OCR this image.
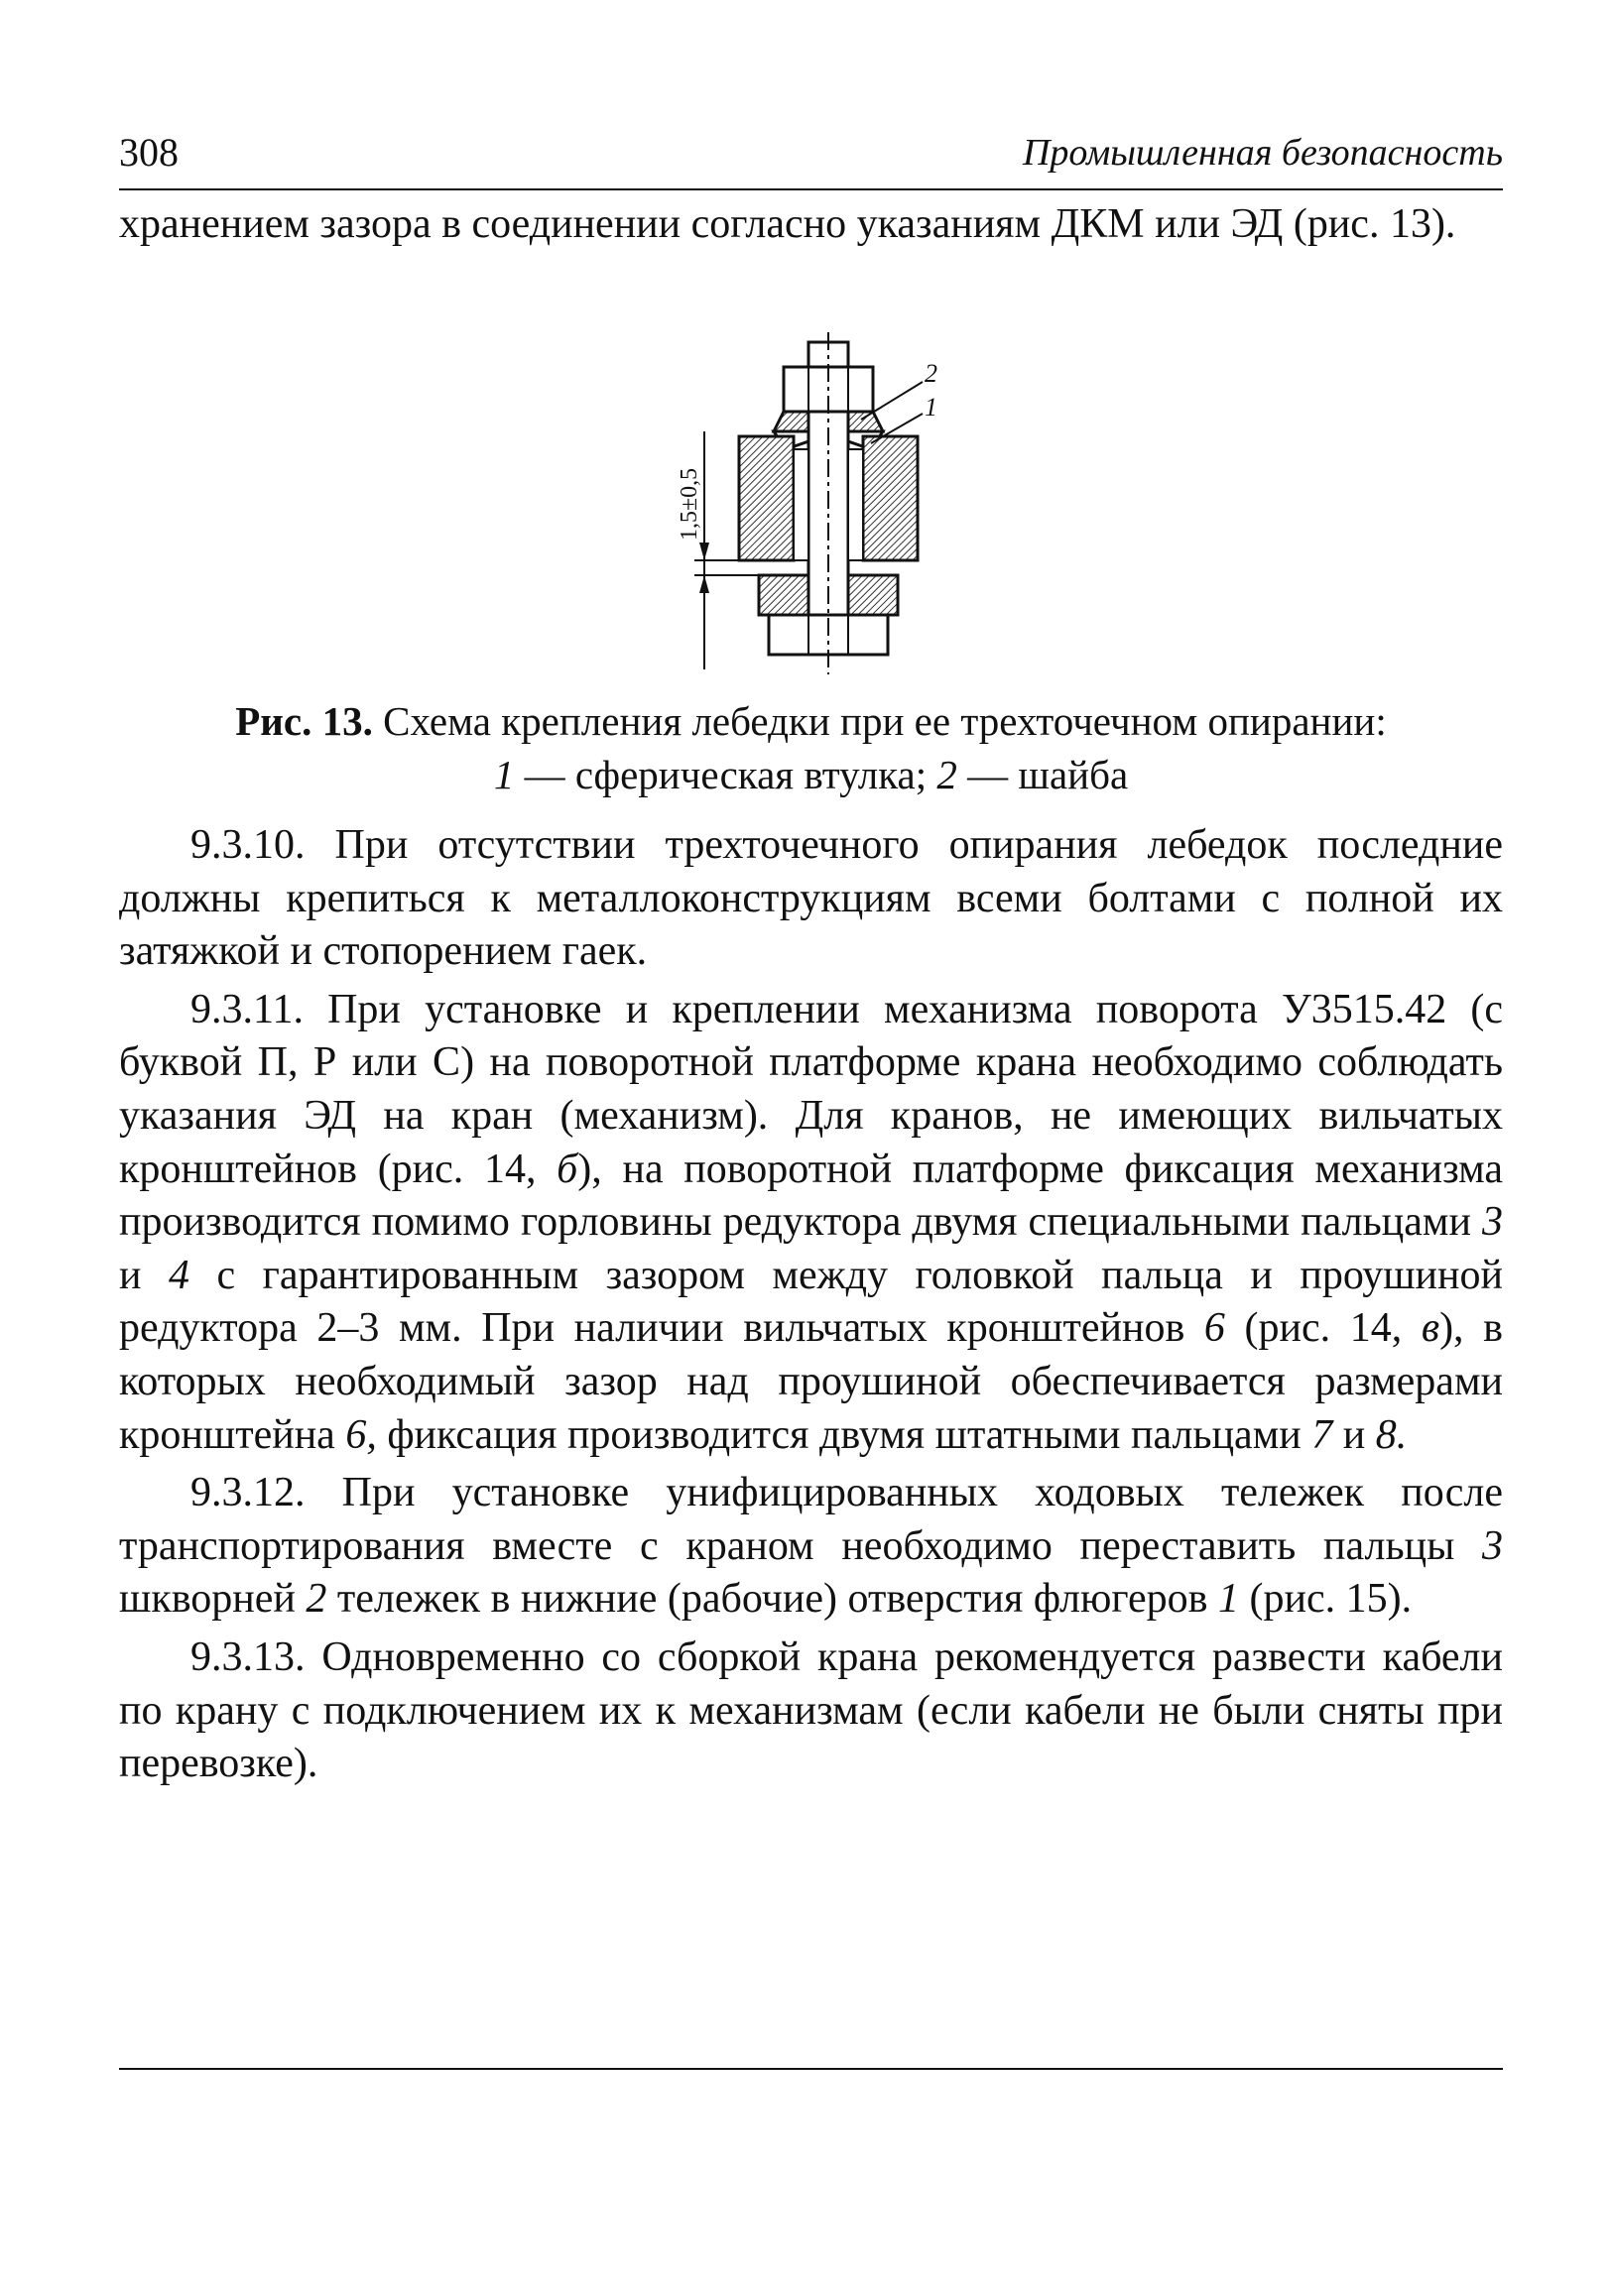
308	Промышленная безопасность
хранением зазора в соединении согласно указаниям ДКМ или ЭД (рис. 13).
1,5±0,5
2
1
Рис. 13. Схема крепления лебедки при ее трехточечном опирании:
1 — сферическая втулка; 2 — шайба

9.3.10. При отсутствии трехточечного опирания лебедок последние должны крепиться к металлоконструкциям всеми болтами с полной их затяжкой и стопорением гаек.

9.3.11. При установке и креплении механизма поворота У3515.42 (с буквой П, Р или С) на поворотной платформе крана необходимо соблюдать указания ЭД на кран (механизм). Для кранов, не имеющих вильчатых кронштейнов (рис. 14, б), на поворотной платформе фиксация механизма производится помимо горловины редуктора двумя специальными пальцами 3 и 4 с гарантированным зазором между головкой пальца и проушиной редуктора 2–3 мм. При наличии вильчатых кронштейнов 6 (рис. 14, в), в которых необходимый зазор над проушиной обеспечивается размерами кронштейна 6, фиксация производится двумя штатными пальцами 7 и 8.

9.3.12. При установке унифицированных ходовых тележек после транспортирования вместе с краном необходимо переставить пальцы 3 шкворней 2 тележек в нижние (рабочие) отверстия флюгеров 1 (рис. 15).

9.3.13. Одновременно со сборкой крана рекомендуется развести кабели по крану с подключением их к механизмам (если кабели не были сняты при перевозке).
